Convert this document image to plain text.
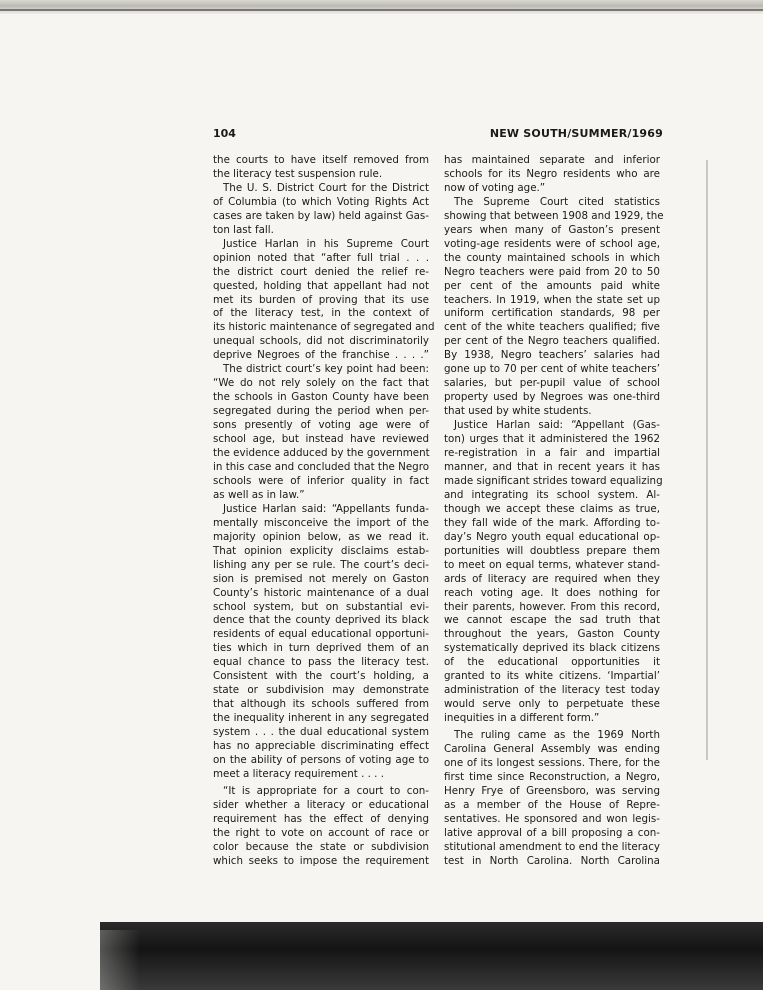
104	NEW SOUTH/SUMMER/1969
the courts to have itself removed from
the literacy test suspension rule.
The U. S. District Court for the District
of Columbia (to which Voting Rights Act
cases are taken by law) held against Gas-
ton last fall.
Justice Harlan in his Supreme Court
opinion noted that “after full trial . . .
the district court denied the relief re-
quested, holding that appellant had not
met its burden of proving that its use
of the literacy test, in the context of
its historic maintenance of segregated and
unequal schools, did not discriminatorily
deprive Negroes of the franchise . . . .”
The district court’s key point had been:
“We do not rely solely on the fact that
the schools in Gaston County have been
segregated during the period when per-
sons presently of voting age were of
school age, but instead have reviewed
the evidence adduced by the government
in this case and concluded that the Negro
schools were of inferior quality in fact
as well as in law.”
Justice Harlan said: “Appellants funda-
mentally misconceive the import of the
majority opinion below, as we read it.
That opinion explicity disclaims estab-
lishing any per se rule. The court’s deci-
sion is premised not merely on Gaston
County’s historic maintenance of a dual
school system, but on substantial evi-
dence that the county deprived its black
residents of equal educational opportuni-
ties which in turn deprived them of an
equal chance to pass the literacy test.
Consistent with the court’s holding, a
state or subdivision may demonstrate
that although its schools suffered from
the inequality inherent in any segregated
system . . . the dual educational system
has no appreciable discriminating effect
on the ability of persons of voting age to
meet a literacy requirement . . . .
“It is appropriate for a court to con-
sider whether a literacy or educational
requirement has the effect of denying
the right to vote on account of race or
color because the state or subdivision
which seeks to impose the requirement
has maintained separate and inferior
schools for its Negro residents who are
now of voting age.”
The Supreme Court cited statistics
showing that between 1908 and 1929, the
years when many of Gaston’s present
voting-age residents were of school age,
the county maintained schools in which
Negro teachers were paid from 20 to 50
per cent of the amounts paid white
teachers. In 1919, when the state set up
uniform certification standards, 98 per
cent of the white teachers qualified; five
per cent of the Negro teachers qualified.
By 1938, Negro teachers’ salaries had
gone up to 70 per cent of white teachers’
salaries, but per-pupil value of school
property used by Negroes was one-third
that used by white students.
Justice Harlan said: “Appellant (Gas-
ton) urges that it administered the 1962
re-registration in a fair and impartial
manner, and that in recent years it has
made significant strides toward equalizing
and integrating its school system. Al-
though we accept these claims as true,
they fall wide of the mark. Affording to-
day’s Negro youth equal educational op-
portunities will doubtless prepare them
to meet on equal terms, whatever stand-
ards of literacy are required when they
reach voting age. It does nothing for
their parents, however. From this record,
we cannot escape the sad truth that
throughout the years, Gaston County
systematically deprived its black citizens
of the educational opportunities it
granted to its white citizens. ‘Impartial’
administration of the literacy test today
would serve only to perpetuate these
inequities in a different form.”
The ruling came as the 1969 North
Carolina General Assembly was ending
one of its longest sessions. There, for the
first time since Reconstruction, a Negro,
Henry Frye of Greensboro, was serving
as a member of the House of Repre-
sentatives. He sponsored and won legis-
lative approval of a bill proposing a con-
stitutional amendment to end the literacy
test in North Carolina. North Carolina
